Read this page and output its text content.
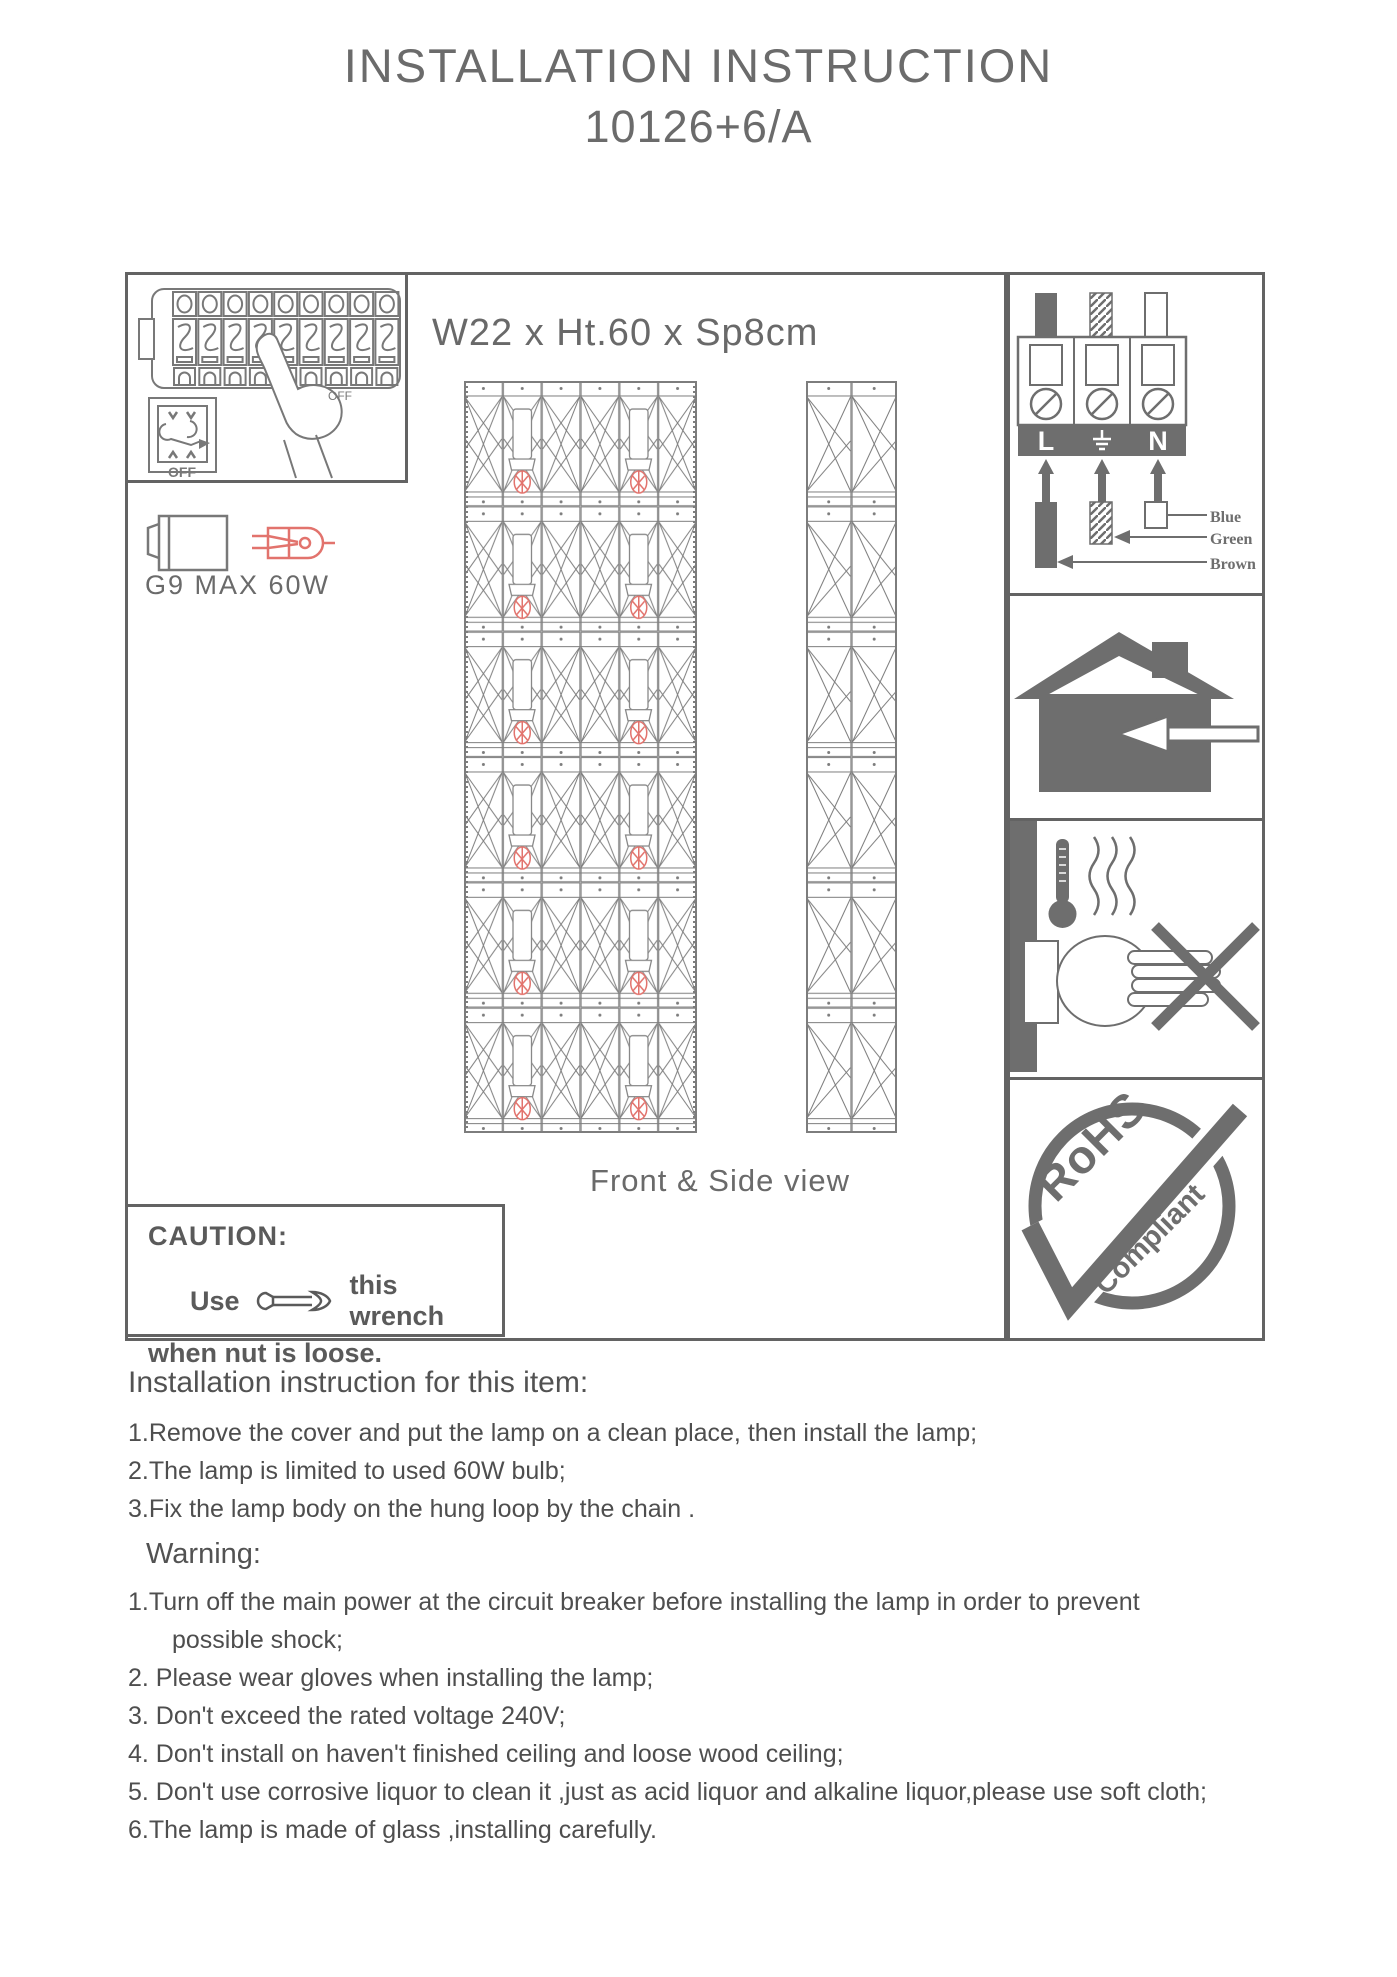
INSTALLATION INSTRUCTION
10126+6/A
OFF
OFF
W22 x Ht.60 x Sp8cm
G9 MAX 60W
Front & Side view
L	N
Blue
Green
Brown
RoHS
Compliant
CAUTION:
Use
this wrench
when nut is loose.
Installation instruction for this item:
1.Remove the cover and put the lamp on a clean place, then install the lamp;
2.The lamp is limited to used 60W bulb;
3.Fix the lamp body on the hung loop by the chain .
Warning:
1.Turn off the main power at the circuit breaker before installing the lamp in order to prevent
possible shock;
2. Please wear gloves when installing the lamp;
3. Don't exceed the rated voltage 240V;
4. Don't install on haven't finished ceiling and loose wood ceiling;
5. Don't use corrosive liquor to clean it ,just as acid liquor and alkaline liquor,please use soft cloth;
6.The lamp is made of glass ,installing carefully.
